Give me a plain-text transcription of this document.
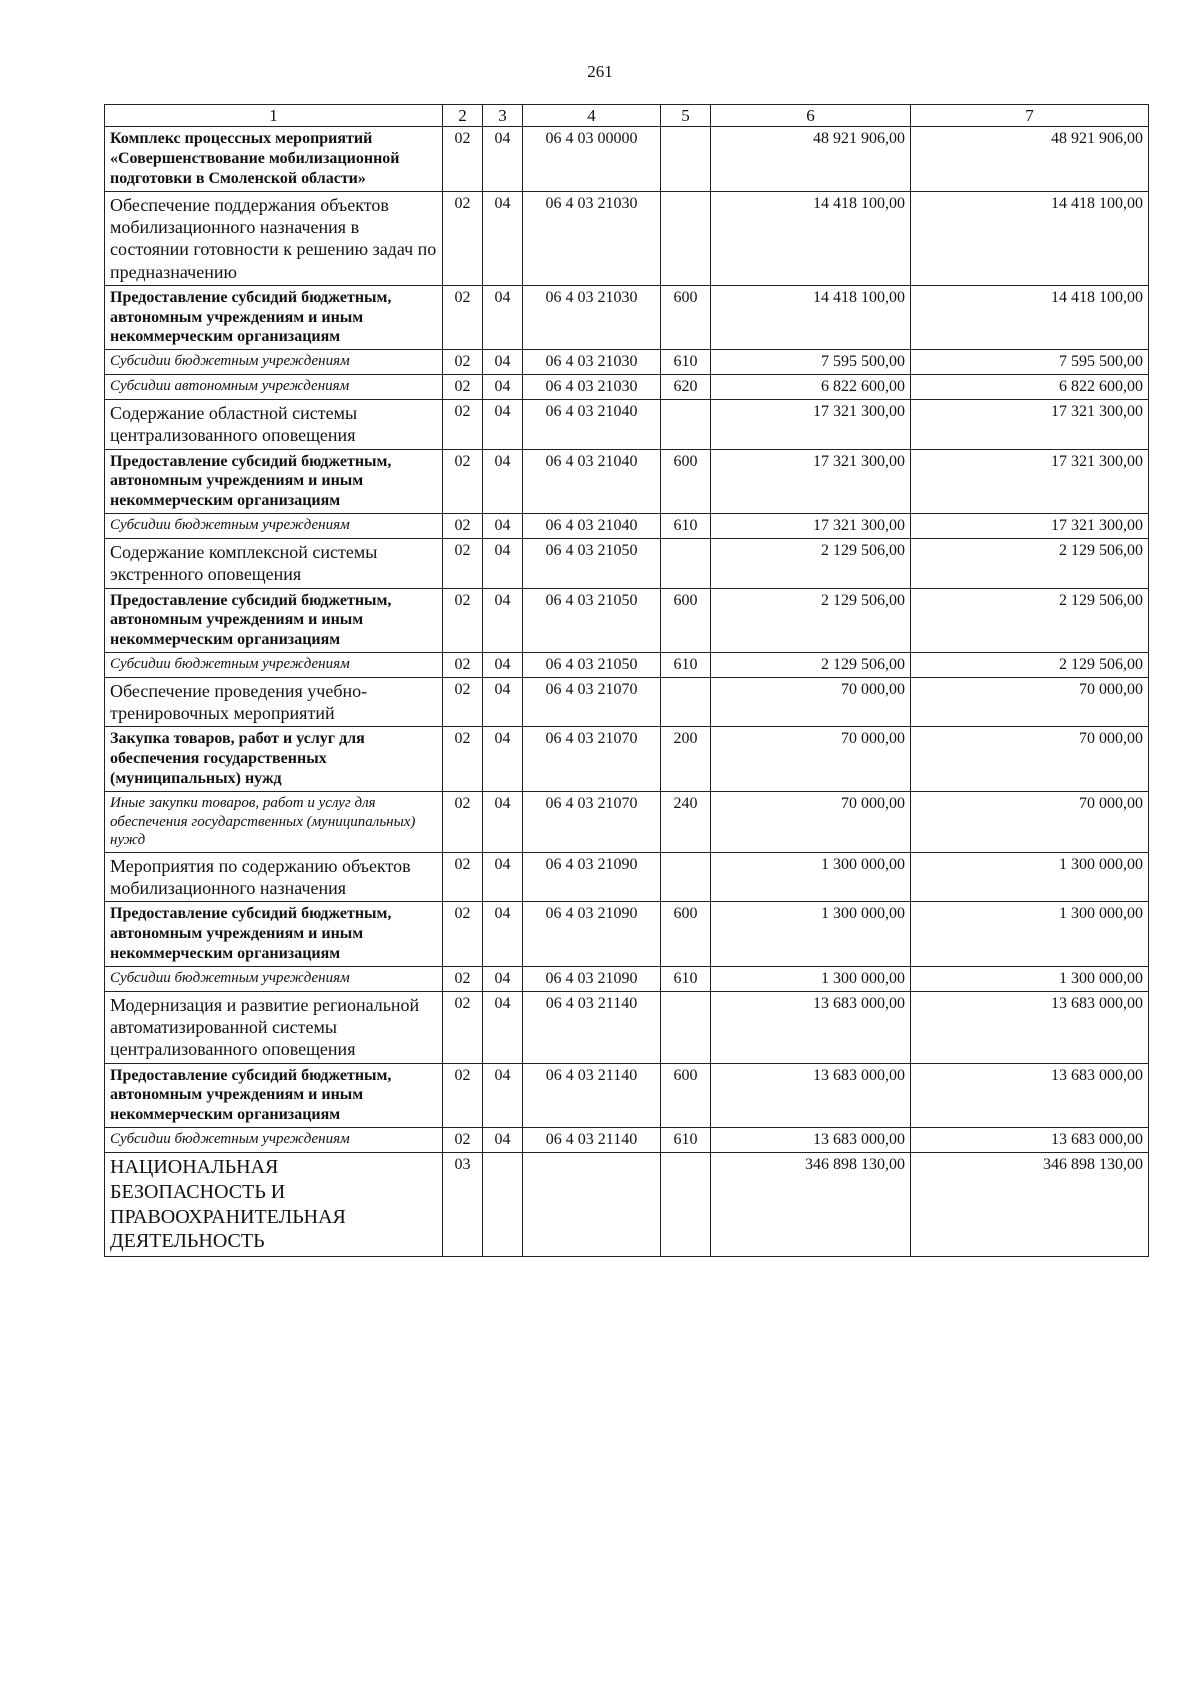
261
1	2	3	4	5	6	7
Комплекс процессных мероприятий «Совершенствование мобилизационной подготовки в Смоленской области»	02	04	06 4 03 00000		48 921 906,00	48 921 906,00
Обеспечение поддержания объектов мобилизационного назначения в состоянии готовности к решению задач по предназначению	02	04	06 4 03 21030		14 418 100,00	14 418 100,00
Предоставление субсидий бюджетным, автономным учреждениям и иным некоммерческим организациям	02	04	06 4 03 21030	600	14 418 100,00	14 418 100,00
Субсидии бюджетным учреждениям	02	04	06 4 03 21030	610	7 595 500,00	7 595 500,00
Субсидии автономным учреждениям	02	04	06 4 03 21030	620	6 822 600,00	6 822 600,00
Содержание областной системы централизованного оповещения	02	04	06 4 03 21040		17 321 300,00	17 321 300,00
Предоставление субсидий бюджетным, автономным учреждениям и иным некоммерческим организациям	02	04	06 4 03 21040	600	17 321 300,00	17 321 300,00
Субсидии бюджетным учреждениям	02	04	06 4 03 21040	610	17 321 300,00	17 321 300,00
Содержание комплексной системы экстренного оповещения	02	04	06 4 03 21050		2 129 506,00	2 129 506,00
Предоставление субсидий бюджетным, автономным учреждениям и иным некоммерческим организациям	02	04	06 4 03 21050	600	2 129 506,00	2 129 506,00
Субсидии бюджетным учреждениям	02	04	06 4 03 21050	610	2 129 506,00	2 129 506,00
Обеспечение проведения учебно-тренировочных мероприятий	02	04	06 4 03 21070		70 000,00	70 000,00
Закупка товаров, работ и услуг для обеспечения государственных (муниципальных) нужд	02	04	06 4 03 21070	200	70 000,00	70 000,00
Иные закупки товаров, работ и услуг для обеспечения государственных (муниципальных) нужд	02	04	06 4 03 21070	240	70 000,00	70 000,00
Мероприятия по содержанию объектов мобилизационного назначения	02	04	06 4 03 21090		1 300 000,00	1 300 000,00
Предоставление субсидий бюджетным, автономным учреждениям и иным некоммерческим организациям	02	04	06 4 03 21090	600	1 300 000,00	1 300 000,00
Субсидии бюджетным учреждениям	02	04	06 4 03 21090	610	1 300 000,00	1 300 000,00
Модернизация и развитие региональной автоматизированной системы централизованного оповещения	02	04	06 4 03 21140		13 683 000,00	13 683 000,00
Предоставление субсидий бюджетным, автономным учреждениям и иным некоммерческим организациям	02	04	06 4 03 21140	600	13 683 000,00	13 683 000,00
Субсидии бюджетным учреждениям	02	04	06 4 03 21140	610	13 683 000,00	13 683 000,00
НАЦИОНАЛЬНАЯ БЕЗОПАСНОСТЬ И ПРАВООХРАНИТЕЛЬНАЯ ДЕЯТЕЛЬНОСТЬ	03				346 898 130,00	346 898 130,00
